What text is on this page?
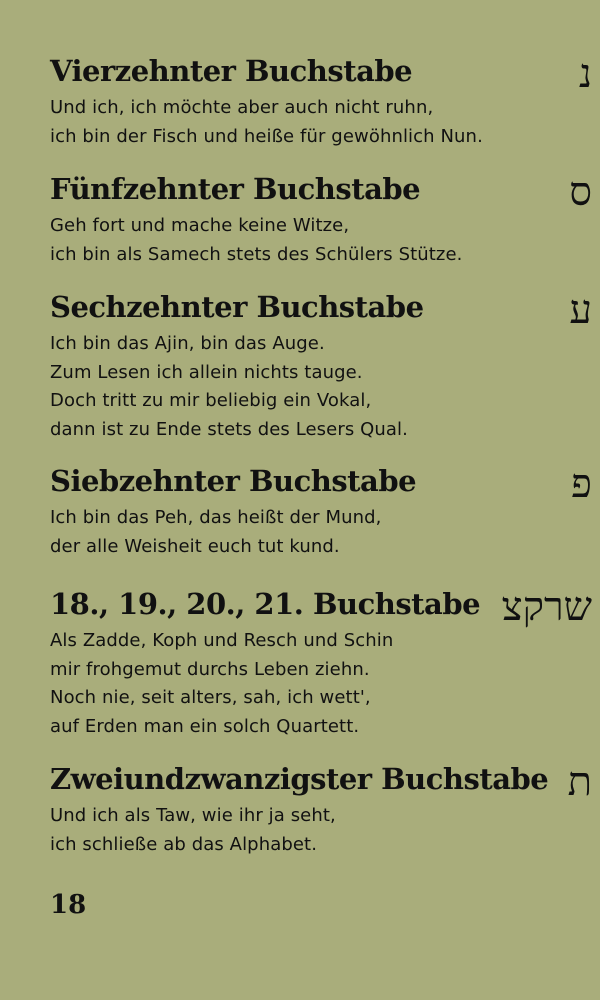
Vierzehnter Buchstabe	נ
Und ich, ich möchte aber auch nicht ruhn,
ich bin der Fisch und heiße für gewöhnlich Nun.
Fünfzehnter Buchstabe	ס
Geh fort und mache keine Witze,
ich bin als Samech stets des Schülers Stütze.
Sechzehnter Buchstabe	ע
Ich bin das Ajin, bin das Auge.
Zum Lesen ich allein nichts tauge.
Doch tritt zu mir beliebig ein Vokal,
dann ist zu Ende stets des Lesers Qual.
Siebzehnter Buchstabe	פ
Ich bin das Peh, das heißt der Mund,
der alle Weisheit euch tut kund.
18., 19., 20., 21. Buchstabe שרקצ
Als Zadde, Koph und Resch und Schin
mir frohgemut durchs Leben ziehn.
Noch nie, seit alters, sah, ich wett',
auf Erden man ein solch Quartett.
Zweiundzwanzigster Buchstabe ת
Und ich als Taw, wie ihr ja seht,
ich schließe ab das Alphabet.
18
